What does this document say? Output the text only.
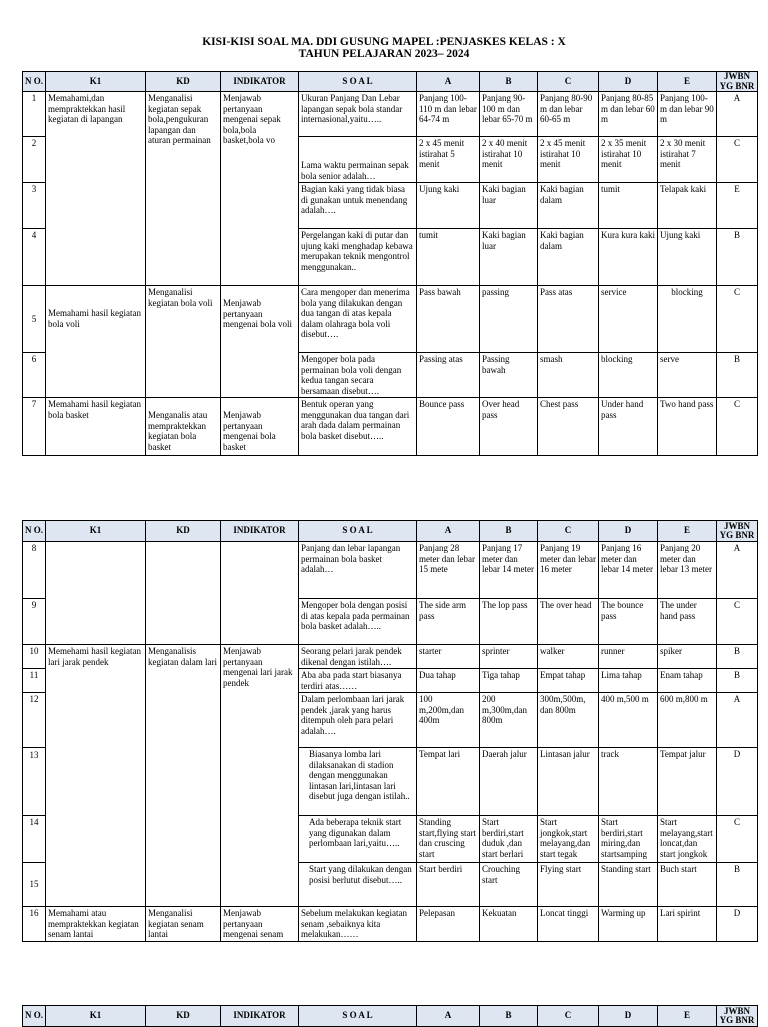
KISI-KISI SOAL MA. DDI GUSUNG MAPEL :PENJASKES KELAS : X
TAHUN PELAJARAN 2023– 2024
N O.	K1	KD	INDIKATOR	S O A L	A	B	C	D	E	JWBN YG BNR
1	Memahami,dan mempraktekkan hasil kegiatan di lapangan	Menganalisi kegiatan sepak bola,pengukuran lapangan dan aturan permainan	Menjawab pertanyaan mengenai sepak bola,bola basket,bola vo	Ukuran Panjang Dan Lebar lapangan sepak bola standar internasional,yaitu…..	Panjang 100-110 m dan lebar 64-74 m	Panjang 90-100 m dan lebar 65-70 m	Panjang 80-90 m dan lebar 60-65 m	Panjang 80-85 m dan lebar 60 m	Panjang 100-m dan lebar 90 m	A
2				Lama waktu permainan sepak bola senior adalah…	2 x 45 menit istirahat 5 menit	2 x 40 menit istirahat 10 menit	2 x 45 menit istirahat 10 menit	2 x 35 menit istirahat 10 menit	2 x 30 menit istirahat 7 menit	C
3				Bagian kaki yang tidak biasa di gunakan untuk menendang adalah….	Ujung kaki	Kaki bagian luar	Kaki bagian dalam	tumit	Telapak kaki	E
4				Pergelangan kaki di putar dan ujung kaki menghadap kebawa merupakan teknik mengontrol menggunakan..	tumit	Kaki bagian luar	Kaki bagian dalam	Kura kura kaki	Ujung kaki	B
5	Memahami hasil kegiatan bola voli	Menganalisi kegiatan bola voli	Menjawab pertanyaan mengenai bola voli	Cara mengoper dan menerima bola yang dilakukan dengan dua tangan di atas kepala dalam olahraga bola voli disebut….	Pass bawah	passing	Pass atas	service	blocking	C
6				Mengoper bola pada permainan bola voli dengan kedua tangan secara bersamaan disebut….	Passing atas	Passing bawah	smash	blocking	serve	B
7	Memahami hasil kegiatan bola basket	Menganalis atau mempraktekkan kegiatan bola basket	Menjawab pertanyaan mengenai bola basket	Bentuk operan yang menggunakan dua tangan dari arah dada dalam permainan bola basket disebut…..	Bounce pass	Over head pass	Chest pass	Under hand pass	Two hand pass	C
N O.	K1	KD	INDIKATOR	S O A L	A	B	C	D	E	JWBN YG BNR
8				Panjang dan lebar lapangan permainan bola basket adalah…	Panjang 28 meter dan lebar 15 mete	Panjang 17 meter dan lebar 14 meter	Panjang 19 meter dan lebar 16 meter	Panjang 16 meter dan lebar 14 meter	Panjang 20 meter dan lebar 13 meter	A
9				Mengoper bola dengan posisi di atas kepala pada permainan bola basket adalah…..	The side arm pass	The lop pass	The over head	The bounce pass	The under hand pass	C
10	Memehami hasil kegiatan lari jarak pendek	Menganalisis kegiatan dalam lari	Menjawab pertanyaan mengenai lari jarak pendek	Seorang pelari jarak pendek dikenal dengan istilah….	starter	sprinter	walker	runner	spiker	B
11				Aba aba pada start biasanya terdiri atas……	Dua tahap	Tiga tahap	Empat tahap	Lima tahap	Enam tahap	B
12				Dalam perlombaan lari jarak pendek ,jarak yang harus ditempuh oleh para pelari adalah….	100 m,200m,dan 400m	200 m,300m,dan 800m	300m,500m, dan 800m	400 m,500 m	600 m,800 m	A
13				Biasanya lomba lari dilaksanakan di stadion dengan menggunakan lintasan lari,lintasan lari disebut juga dengan istilah..	Tempat lari	Daerah jalur	Lintasan jalur	track	Tempat jalur	D
14				Ada beberapa teknik start yang digunakan dalam perlombaan lari,yaitu…..	Standing start,flying start dan cruscing start	Start berdiri,start duduk ,dan start berlari	Start jongkok,start melayang,dan start tegak	Start berdiri,start miring,dan startsamping	Start melayang,start loncat,dan start jongkok	C
15				Start yang dilakukan dengan posisi berlutut disebut…..	Start berdiri	Crouching start	Flying start	Standing start	Buch start	B
16	Memahami atau mempraktekkan kegiatan senam lantai	Menganalisi kegiatan senam lantai	Menjawab pertanyaan mengenai senam	Sebelum melakukan kegiatan senam ,sebaiknya kita melakukan……	Pelepasan	Kekuatan	Loncat tinggi	Warming up	Lari spirint	D
N O.	K1	KD	INDIKATOR	S O A L	A	B	C	D	E	JWBN YG BNR
